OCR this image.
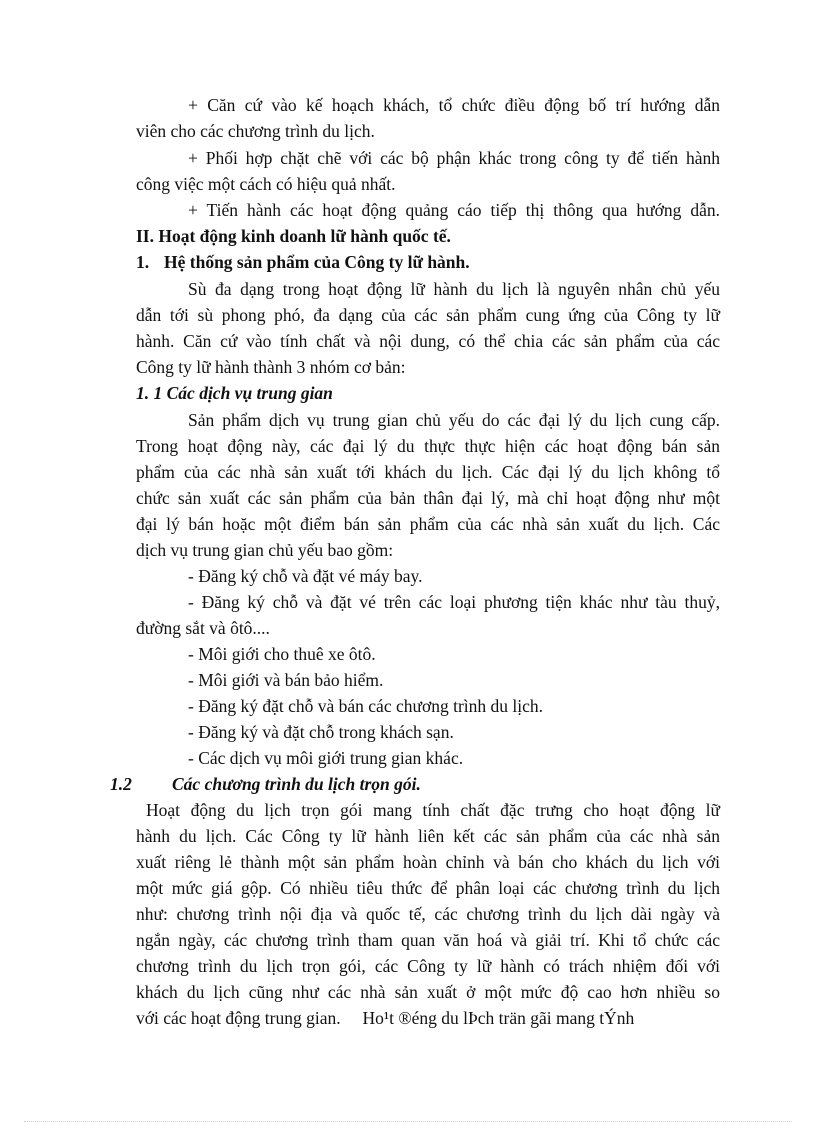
+ Căn cứ vào kế hoạch khách, tổ chức điều động bố trí hướng dẫn
viên cho các chương trình du lịch.
+ Phối hợp chặt chẽ với các bộ phận khác trong công ty để tiến hành
công việc một cách có hiệu quả nhất.
+ Tiến hành các hoạt động quảng cáo tiếp thị thông qua hướng dẫn.
II. Hoạt động kinh doanh lữ hành quốc tế.
1. Hệ thống sản phẩm của Công ty lữ hành.
Sù đa dạng trong hoạt động lữ hành du lịch là nguyên nhân chủ yếu
dẫn tới sù phong phó, đa dạng của các sản phẩm cung ứng của Công ty lữ
hành. Căn cứ vào tính chất và nội dung, có thể chia các sản phẩm của các
Công ty lữ hành thành 3 nhóm cơ bản:
1. 1 Các dịch vụ trung gian
Sản phẩm dịch vụ trung gian chủ yếu do các đại lý du lịch cung cấp.
Trong hoạt động này, các đại lý du thực thực hiện các hoạt động bán sản
phẩm của các nhà sản xuất tới khách du lịch. Các đại lý du lịch không tổ
chức sản xuất các sản phẩm của bản thân đại lý, mà chỉ hoạt động như một
đại lý bán hoặc một điểm bán sản phẩm của các nhà sản xuất du lịch. Các
dịch vụ trung gian chủ yếu bao gồm:
- Đăng ký chỗ và đặt vé máy bay.
- Đăng ký chỗ và đặt vé trên các loại phương tiện khác như tàu thuỷ,
đường sắt và ôtô....
- Môi giới cho thuê xe ôtô.
- Môi giới và bán bảo hiểm.
- Đăng ký đặt chỗ và bán các chương trình du lịch.
- Đăng ký và đặt chỗ trong khách sạn.
- Các dịch vụ môi giới trung gian khác.
1.2 Các chương trình du lịch trọn gói.
Hoạt động du lịch trọn gói mang tính chất đặc trưng cho hoạt động lữ
hành du lịch. Các Công ty lữ hành liên kết các sản phẩm của các nhà sản
xuất riêng lẻ thành một sản phẩm hoàn chỉnh và bán cho khách du lịch với
một mức giá gộp. Có nhiều tiêu thức để phân loại các chương trình du lịch
như: chương trình nội địa và quốc tế, các chương trình du lịch dài ngày và
ngắn ngày, các chương trình tham quan văn hoá và giải trí. Khi tổ chức các
chương trình du lịch trọn gói, các Công ty lữ hành có trách nhiệm đối với
khách du lịch cũng như các nhà sản xuất ở một mức độ cao hơn nhiều so
với các hoạt động trung gian.     Ho¹t ®éng du lÞch trän gãi mang tÝnh
